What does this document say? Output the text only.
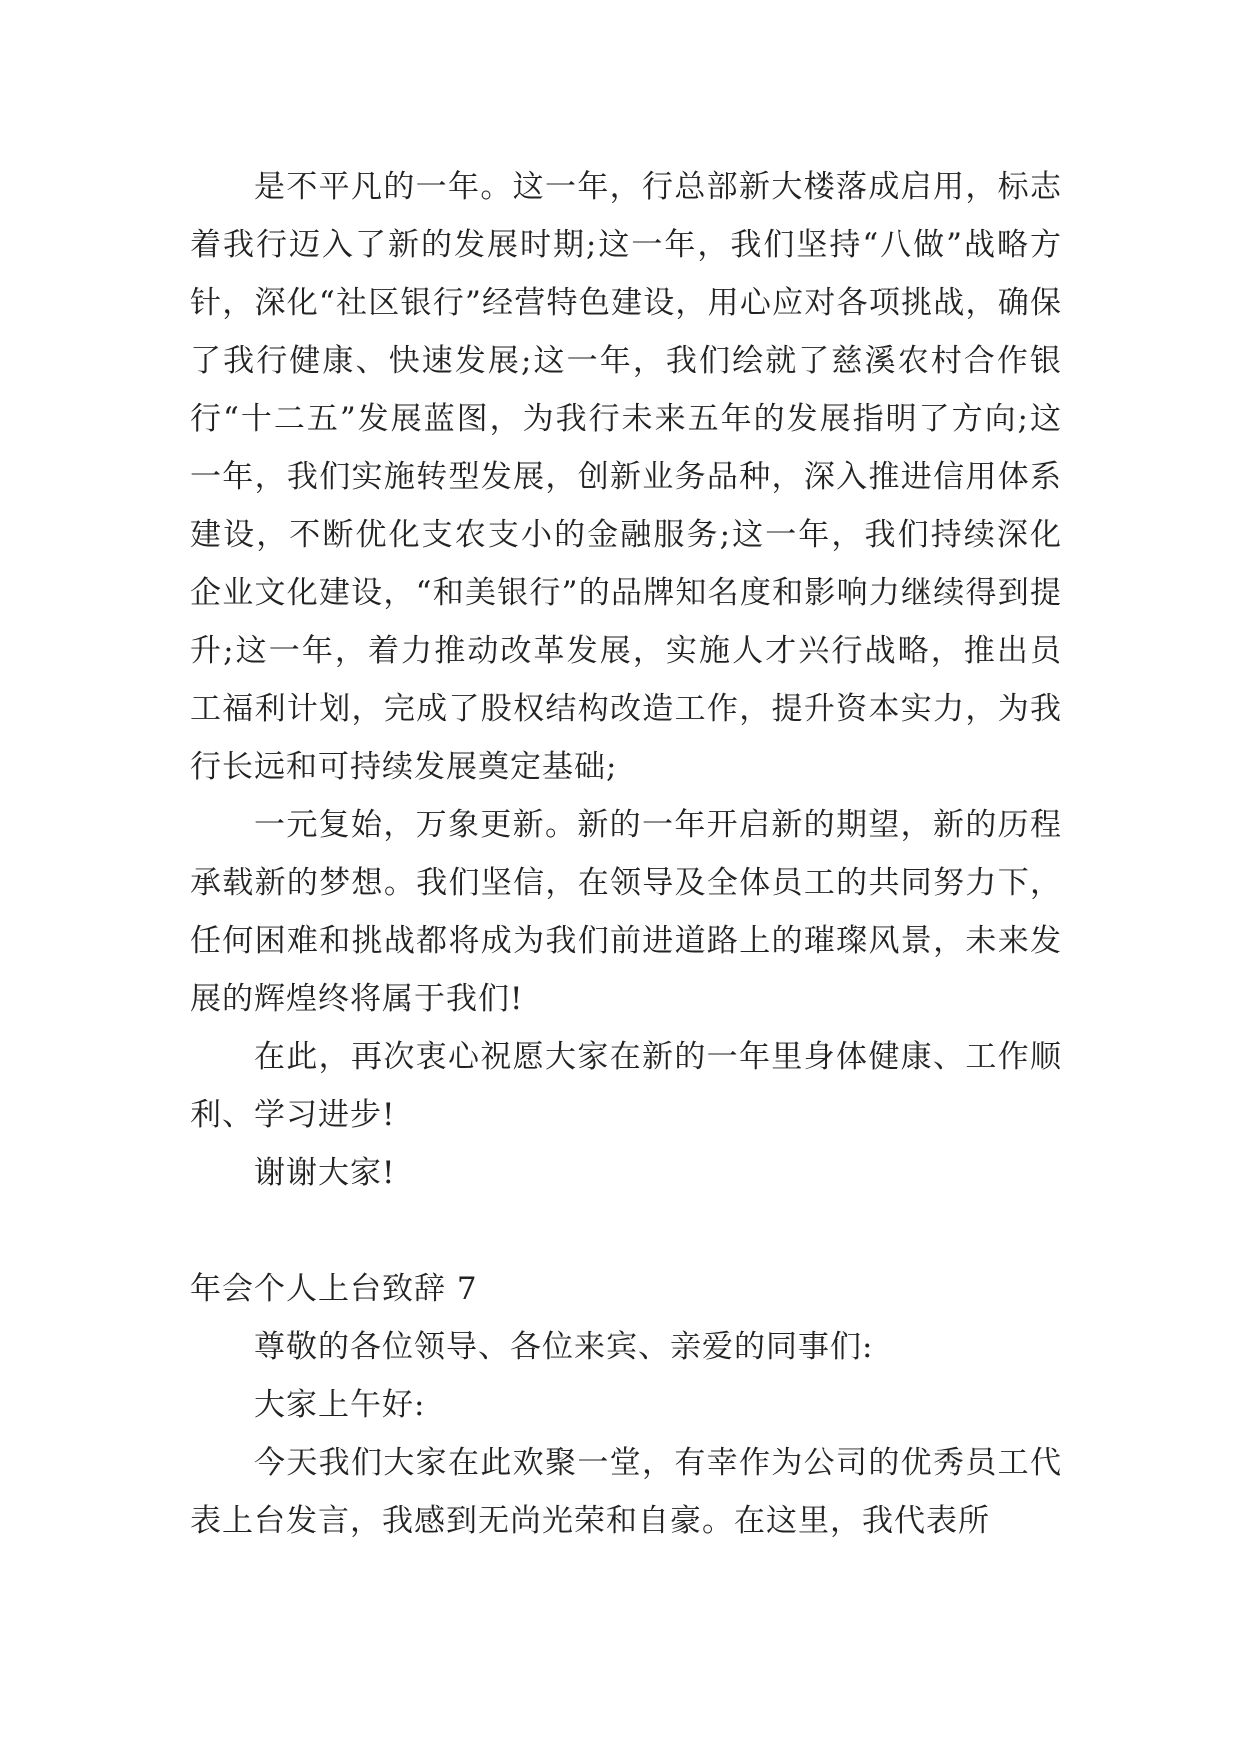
是不平凡的一年。这一年，行总部新大楼落成启用，标志着我行迈入了新的发展时期;这一年，我们坚持“八做”战略方针，深化“社区银行”经营特色建设，用心应对各项挑战，确保了我行健康、快速发展;这一年，我们绘就了慈溪农村合作银行“十二五”发展蓝图，为我行未来五年的发展指明了方向;这一年，我们实施转型发展，创新业务品种，深入推进信用体系建设，不断优化支农支小的金融服务;这一年，我们持续深化企业文化建设，“和美银行”的品牌知名度和影响力继续得到提升;这一年，着力推动改革发展，实施人才兴行战略，推出员工福利计划，完成了股权结构改造工作，提升资本实力，为我行长远和可持续发展奠定基础;

一元复始，万象更新。新的一年开启新的期望，新的历程承载新的梦想。我们坚信，在领导及全体员工的共同努力下，任何困难和挑战都将成为我们前进道路上的璀璨风景，未来发展的辉煌终将属于我们!

在此，再次衷心祝愿大家在新的一年里身体健康、工作顺利、学习进步!

谢谢大家!

年会个人上台致辞 7

尊敬的各位领导、各位来宾、亲爱的同事们:

大家上午好:

今天我们大家在此欢聚一堂，有幸作为公司的优秀员工代表上台发言，我感到无尚光荣和自豪。在这里，我代表所
